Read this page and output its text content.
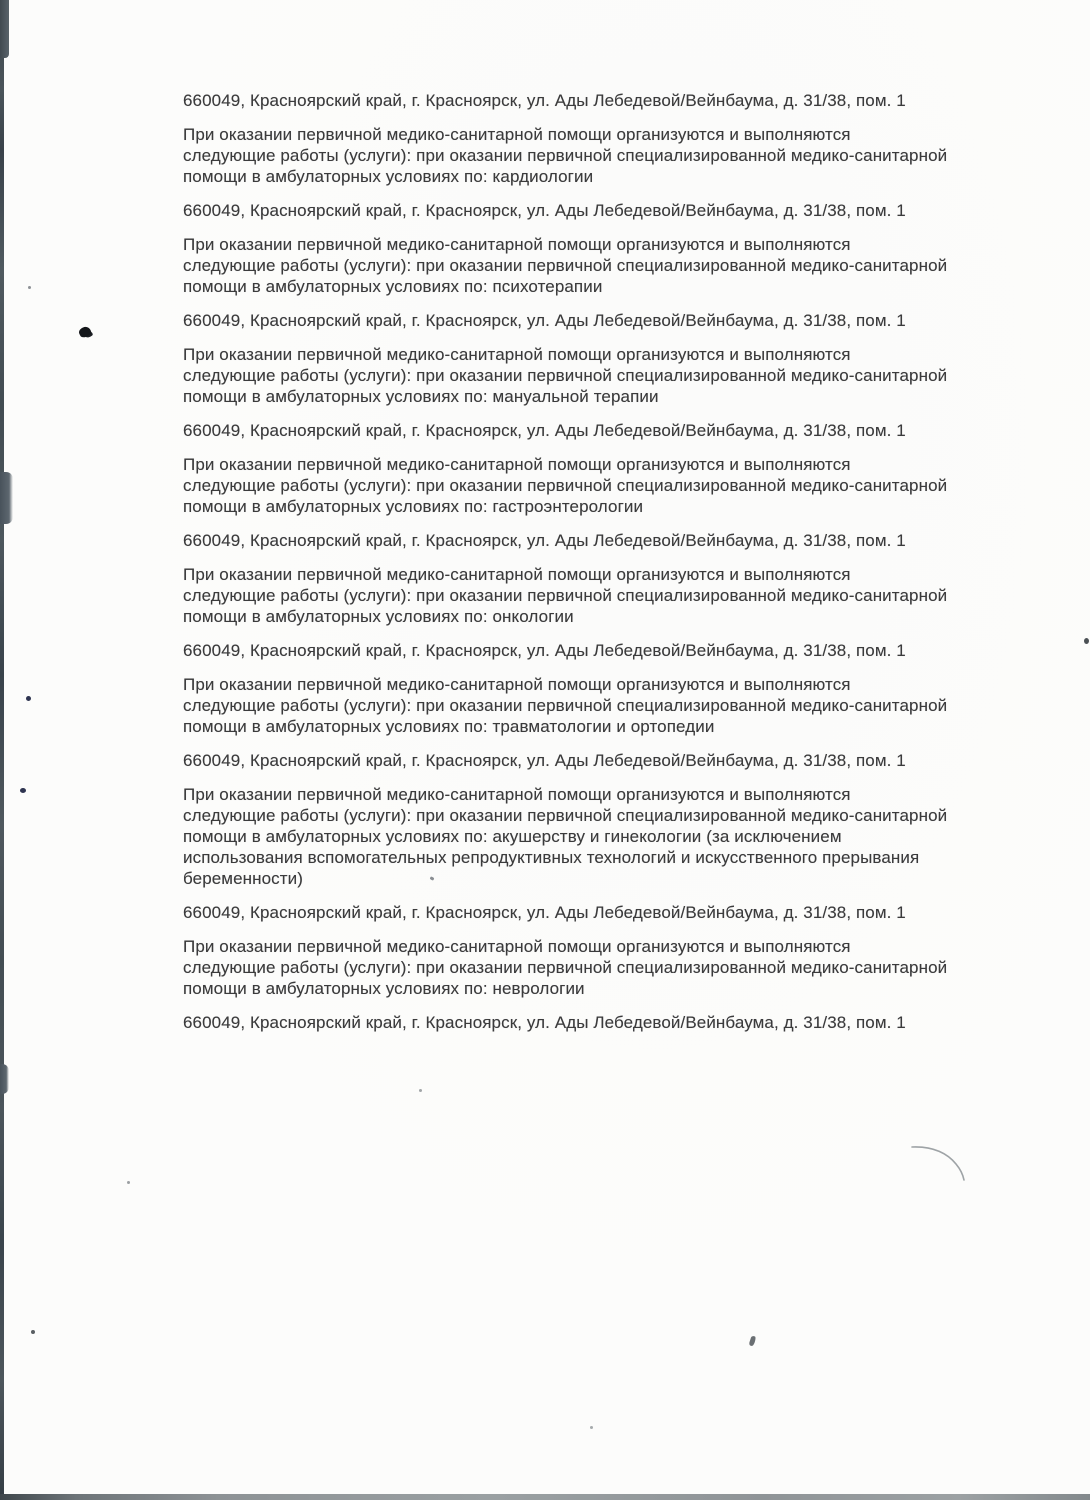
660049, Красноярский край, г. Красноярск, ул. Ады Лебедевой/Вейнбаума, д. 31/38, пом. 1

При оказании первичной медико-санитарной помощи организуются и выполняются
следующие работы (услуги): при оказании первичной специализированной медико-санитарной
помощи в амбулаторных условиях по: кардиологии

660049, Красноярский край, г. Красноярск, ул. Ады Лебедевой/Вейнбаума, д. 31/38, пом. 1

При оказании первичной медико-санитарной помощи организуются и выполняются
следующие работы (услуги): при оказании первичной специализированной медико-санитарной
помощи в амбулаторных условиях по: психотерапии

660049, Красноярский край, г. Красноярск, ул. Ады Лебедевой/Вейнбаума, д. 31/38, пом. 1

При оказании первичной медико-санитарной помощи организуются и выполняются
следующие работы (услуги): при оказании первичной специализированной медико-санитарной
помощи в амбулаторных условиях по: мануальной терапии

660049, Красноярский край, г. Красноярск, ул. Ады Лебедевой/Вейнбаума, д. 31/38, пом. 1

При оказании первичной медико-санитарной помощи организуются и выполняются
следующие работы (услуги): при оказании первичной специализированной медико-санитарной
помощи в амбулаторных условиях по: гастроэнтерологии

660049, Красноярский край, г. Красноярск, ул. Ады Лебедевой/Вейнбаума, д. 31/38, пом. 1

При оказании первичной медико-санитарной помощи организуются и выполняются
следующие работы (услуги): при оказании первичной специализированной медико-санитарной
помощи в амбулаторных условиях по: онкологии

660049, Красноярский край, г. Красноярск, ул. Ады Лебедевой/Вейнбаума, д. 31/38, пом. 1

При оказании первичной медико-санитарной помощи организуются и выполняются
следующие работы (услуги): при оказании первичной специализированной медико-санитарной
помощи в амбулаторных условиях по: травматологии и ортопедии

660049, Красноярский край, г. Красноярск, ул. Ады Лебедевой/Вейнбаума, д. 31/38, пом. 1

При оказании первичной медико-санитарной помощи организуются и выполняются
следующие работы (услуги): при оказании первичной специализированной медико-санитарной
помощи в амбулаторных условиях по: акушерству и гинекологии (за исключением
использования вспомогательных репродуктивных технологий и искусственного прерывания
беременности)

660049, Красноярский край, г. Красноярск, ул. Ады Лебедевой/Вейнбаума, д. 31/38, пом. 1

При оказании первичной медико-санитарной помощи организуются и выполняются
следующие работы (услуги): при оказании первичной специализированной медико-санитарной
помощи в амбулаторных условиях по: неврологии

660049, Красноярский край, г. Красноярск, ул. Ады Лебедевой/Вейнбаума, д. 31/38, пом. 1
